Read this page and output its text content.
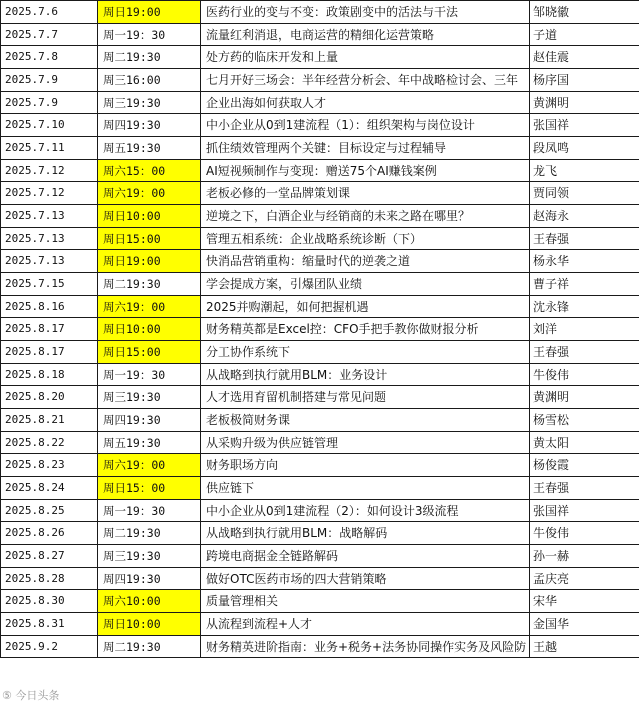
2025.7.6	周日19:00	医药行业的变与不变：政策剧变中的活法与干法	邹晓徽
2025.7.7	周一19：30	流量红利消退，电商运营的精细化运营策略	子道
2025.7.8	周二19:30	处方药的临床开发和上量	赵佳震
2025.7.9	周三16:00	七月开好三场会：半年经营分析会、年中战略检讨会、三年	杨序国
2025.7.9	周三19:30	企业出海如何获取人才	黄渊明
2025.7.10	周四19:30	中小企业从0到1建流程（1）：组织架构与岗位设计	张国祥
2025.7.11	周五19:30	抓住绩效管理两个关键：目标设定与过程辅导	段凤鸣
2025.7.12	周六15：00	AI短视频制作与变现：赠送75个AI赚钱案例	龙飞
2025.7.12	周六19：00	老板必修的一堂品牌策划课	贾同领
2025.7.13	周日10:00	逆境之下，白酒企业与经销商的未来之路在哪里？	赵海永
2025.7.13	周日15:00	管理五相系统：企业战略系统诊断（下）	王春强
2025.7.13	周日19:00	快消品营销重构：缩量时代的逆袭之道	杨永华
2025.7.15	周二19:30	学会提成方案，引爆团队业绩	曹子祥
2025.8.16	周六19：00	2025并购潮起，如何把握机遇	沈永锋
2025.8.17	周日10:00	财务精英都是Excel控：CFO手把手教你做财报分析	刘洋
2025.8.17	周日15:00	分工协作系统下	王春强
2025.8.18	周一19：30	从战略到执行就用BLM：业务设计	牛俊伟
2025.8.20	周三19:30	人才选用育留机制搭建与常见问题	黄渊明
2025.8.21	周四19:30	老板极简财务课	杨雪松
2025.8.22	周五19:30	从采购升级为供应链管理	黄太阳
2025.8.23	周六19：00	财务职场方向	杨俊霞
2025.8.24	周日15：00	供应链下	王春强
2025.8.25	周一19：30	中小企业从0到1建流程（2）：如何设计3级流程	张国祥
2025.8.26	周二19:30	从战略到执行就用BLM：战略解码	牛俊伟
2025.8.27	周三19:30	跨境电商据金全链路解码	孙一赫
2025.8.28	周四19:30	做好OTC医药市场的四大营销策略	孟庆亮
2025.8.30	周六10:00	质量管理相关	宋华
2025.8.31	周日10:00	从流程到流程+人才	金国华
2025.9.2	周二19:30	财务精英进阶指南：业务+税务+法务协同操作实务及风险防	王越
⑤ 今日头条
